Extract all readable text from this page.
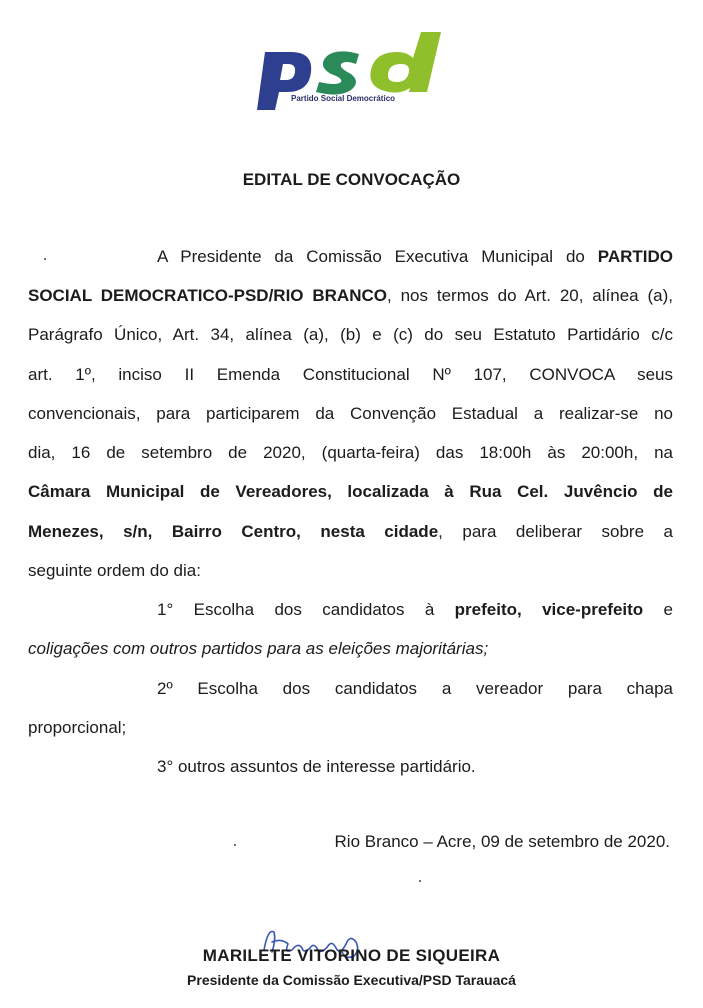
Partido Social Democrático
EDITAL DE CONVOCAÇÃO
A Presidente da Comissão Executiva Municipal do PARTIDO
SOCIAL DEMOCRATICO-PSD/RIO BRANCO, nos termos do Art. 20, alínea (a),
Parágrafo Único, Art. 34, alínea (a), (b) e (c) do seu Estatuto Partidário c/c
art. 1º, inciso II Emenda Constitucional Nº 107, CONVOCA seus
convencionais, para participarem da Convenção Estadual a realizar-se no
dia, 16 de setembro de 2020, (quarta-feira) das 18:00h às 20:00h, na
Câmara Municipal de Vereadores, localizada à Rua Cel. Juvêncio de
Menezes, s/n, Bairro Centro, nesta cidade, para deliberar sobre a
seguinte ordem do dia:
1° Escolha dos candidatos à prefeito, vice-prefeito e
coligações com outros partidos para as eleições majoritárias;
2º Escolha dos candidatos a vereador para chapa
proporcional;
3° outros assuntos de interesse partidário.
Rio Branco – Acre, 09 de setembro de 2020.
MARILETE VITORINO DE SIQUEIRA
Presidente da Comissão Executiva/PSD Tarauacá
